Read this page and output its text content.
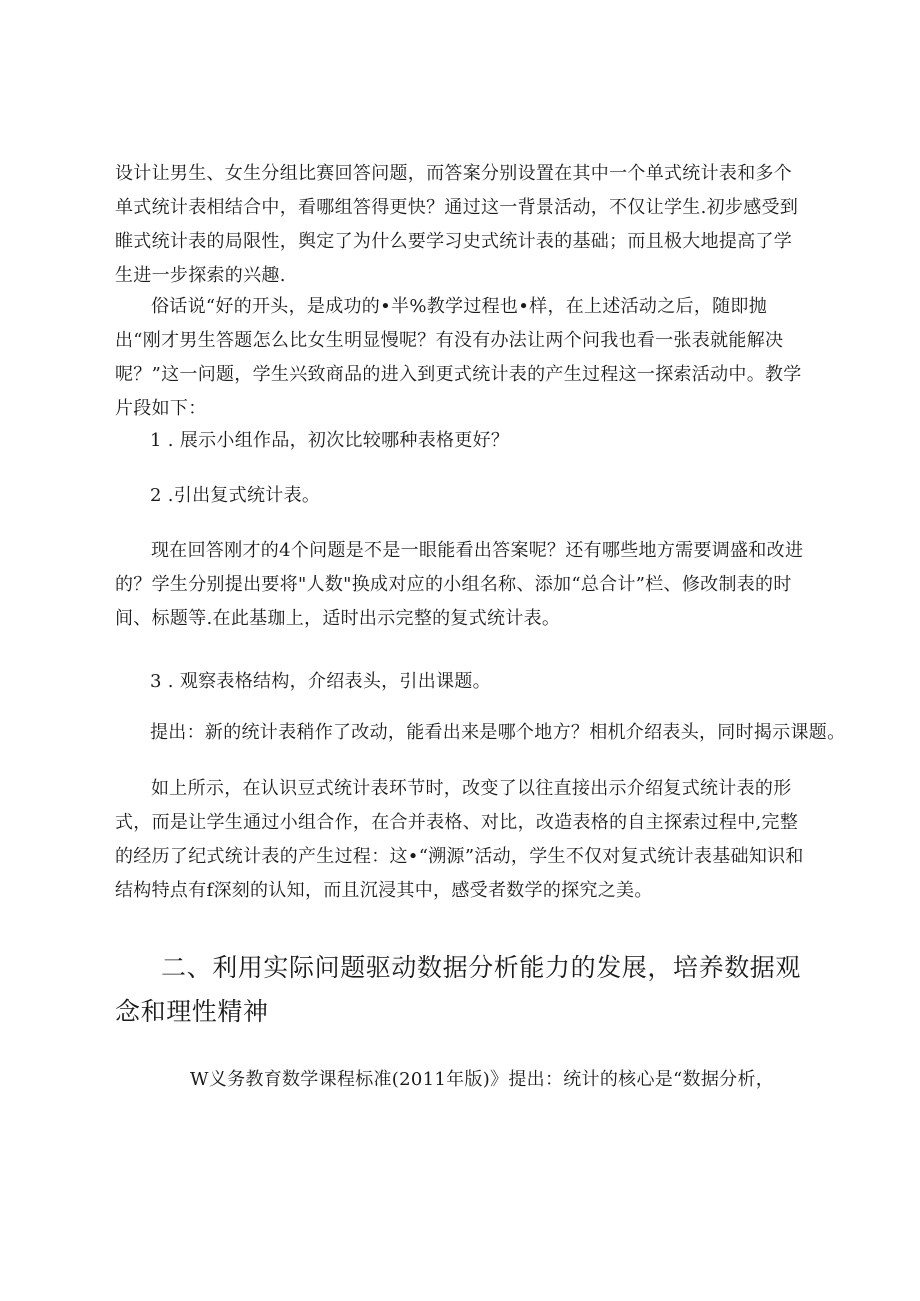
设计让男生、女生分组比赛回答问题，而答案分别设置在其中一个单式统计表和多个单式统计表相结合中，看哪组答得更快？通过这一背景活动，不仅让学生.初步感受到睢式统计表的局限性，舆定了为什么要学习史式统计表的基础；而且极大地提高了学生进一步探索的兴趣.

俗话说“好的开头，是成功的•半%教学过程也•样，在上述活动之后，随即抛出“刚才男生答题怎么比女生明显慢呢？有没有办法让两个问我也看一张表就能解决呢？”这一问题，学生兴致商品的进入到更式统计表的产生过程这一探索活动中。教学片段如下：

1 . 展示小组作品，初次比较哪种表格更好？

2 .引出复式统计表。

现在回答刚才的4个问题是不是一眼能看出答案呢？还有哪些地方需要调盛和改进的？学生分别提出要将"人数"换成对应的小组名称、添加“总合计”栏、修改制表的时间、标题等.在此基珈上，适时出示完整的复式统计表。

3 . 观察表格结构，介绍表头，引出课题。

提出：新的统计表稍作了改动，能看出来是哪个地方？相机介绍表头，同时揭示课题。

如上所示，在认识豆式统计表环节时，改变了以往直接出示介绍复式统计表的形式，而是让学生通过小组合作，在合并表格、对比，改造表格的自主探索过程中,完整的经历了纪式统计表的产生过程：这•“溯源”活动，学生不仅对复式统计表基础知识和结构特点有f深刻的认知，而且沉浸其中，感受者数学的探究之美。

二、利用实际问题驱动数据分析能力的发展，培养数据观念和理性精神

W义务教育数学课程标准(2011年版)》提出：统计的核心是“数据分析，
